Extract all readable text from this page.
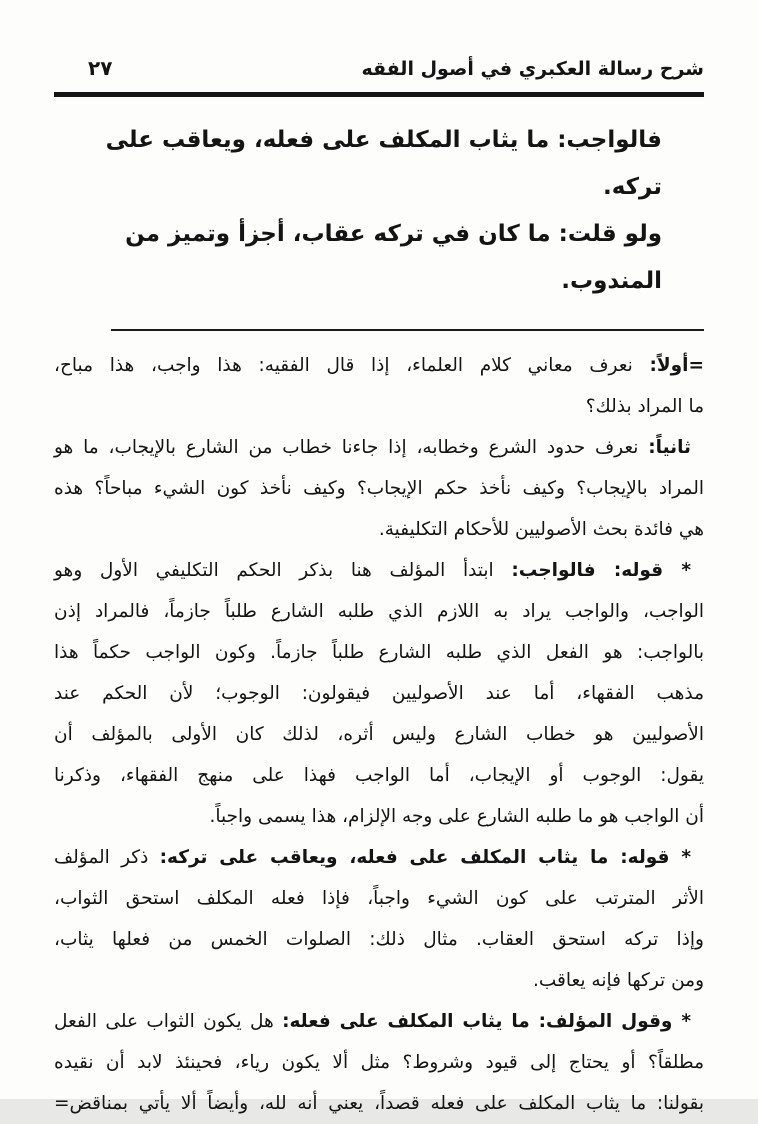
شرح رسالة العكبري في أصول الفقه
٢٧
فالواجب: ما يثاب المكلف على فعله، ويعاقب على تركه.
ولو قلت: ما كان في تركه عقاب، أجزأ وتميز من المندوب.
=أولاً: نعرف معاني كلام العلماء، إذا قال الفقيه: هذا واجب، هذا مباح،
ما المراد بذلك؟
ثانياً: نعرف حدود الشرع وخطابه، إذا جاءنا خطاب من الشارع بالإيجاب، ما هو
المراد بالإيجاب؟ وكيف نأخذ حكم الإيجاب؟ وكيف نأخذ كون الشيء مباحاً؟ هذه
هي فائدة بحث الأصوليين للأحكام التكليفية.
* قوله: فالواجب: ابتدأ المؤلف هنا بذكر الحكم التكليفي الأول وهو
الواجب، والواجب يراد به اللازم الذي طلبه الشارع طلباً جازماً، فالمراد إذن
بالواجب: هو الفعل الذي طلبه الشارع طلباً جازماً. وكون الواجب حكماً هذا
مذهب الفقهاء، أما عند الأصوليين فيقولون: الوجوب؛ لأن الحكم عند
الأصوليين هو خطاب الشارع وليس أثره، لذلك كان الأولى بالمؤلف أن
يقول: الوجوب أو الإيجاب، أما الواجب فهذا على منهج الفقهاء، وذكرنا
أن الواجب هو ما طلبه الشارع على وجه الإلزام، هذا يسمى واجباً.
* قوله: ما يثاب المكلف على فعله، ويعاقب على تركه: ذكر المؤلف
الأثر المترتب على كون الشيء واجباً، فإذا فعله المكلف استحق الثواب،
وإذا تركه استحق العقاب. مثال ذلك: الصلوات الخمس من فعلها يثاب،
ومن تركها فإنه يعاقب.
* وقول المؤلف: ما يثاب المكلف على فعله: هل يكون الثواب على الفعل
مطلقاً؟ أو يحتاج إلى قيود وشروط؟ مثل ألا يكون رياء، فحينئذ لابد أن نقيده
بقولنا: ما يثاب المكلف على فعله قصداً، يعني أنه لله، وأيضاً ألا يأتي بمناقض=
